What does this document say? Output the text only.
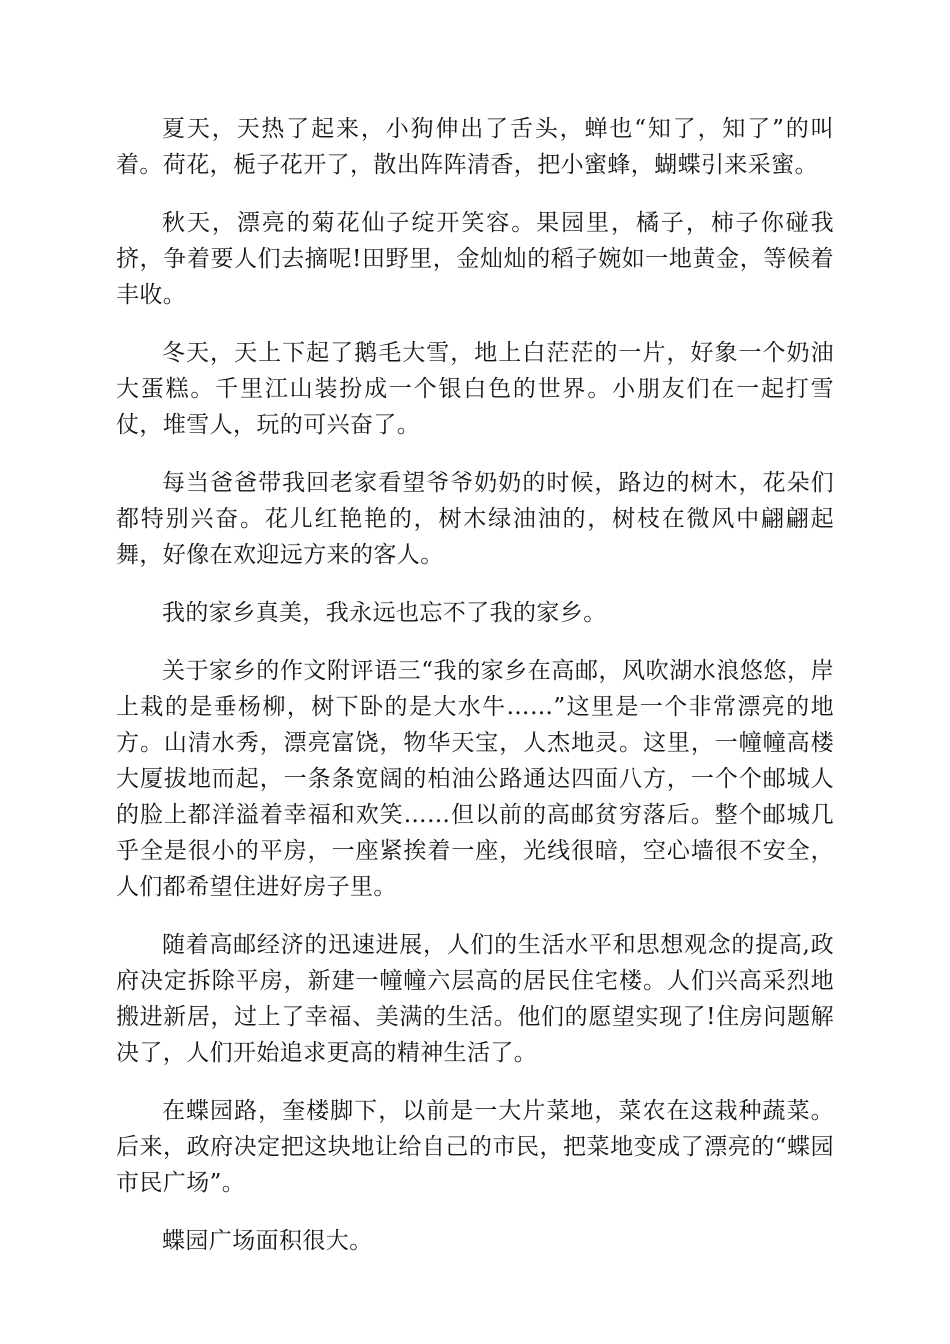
夏天，天热了起来，小狗伸出了舌头，蝉也“知了，知了”的叫着。荷花，栀子花开了，散出阵阵清香，把小蜜蜂，蝴蝶引来采蜜。

秋天，漂亮的菊花仙子绽开笑容。果园里，橘子，柿子你碰我挤，争着要人们去摘呢!田野里，金灿灿的稻子婉如一地黄金，等候着丰收。

冬天，天上下起了鹅毛大雪，地上白茫茫的一片，好象一个奶油大蛋糕。千里江山装扮成一个银白色的世界。小朋友们在一起打雪仗，堆雪人，玩的可兴奋了。

每当爸爸带我回老家看望爷爷奶奶的时候，路边的树木，花朵们都特别兴奋。花儿红艳艳的，树木绿油油的，树枝在微风中翩翩起舞，好像在欢迎远方来的客人。

我的家乡真美，我永远也忘不了我的家乡。

关于家乡的作文附评语三“我的家乡在高邮，风吹湖水浪悠悠，岸上栽的是垂杨柳，树下卧的是大水牛……”这里是一个非常漂亮的地方。山清水秀，漂亮富饶，物华天宝，人杰地灵。这里，一幢幢高楼大厦拔地而起，一条条宽阔的柏油公路通达四面八方，一个个邮城人的脸上都洋溢着幸福和欢笑……但以前的高邮贫穷落后。整个邮城几乎全是很小的平房，一座紧挨着一座，光线很暗，空心墙很不安全，人们都希望住进好房子里。

随着高邮经济的迅速进展，人们的生活水平和思想观念的提高,政府决定拆除平房，新建一幢幢六层高的居民住宅楼。人们兴高采烈地搬进新居，过上了幸福、美满的生活。他们的愿望实现了!住房问题解决了，人们开始追求更高的精神生活了。

在蝶园路，奎楼脚下，以前是一大片菜地，菜农在这栽种蔬菜。后来，政府决定把这块地让给自己的市民，把菜地变成了漂亮的“蝶园市民广场”。

蝶园广场面积很大。
